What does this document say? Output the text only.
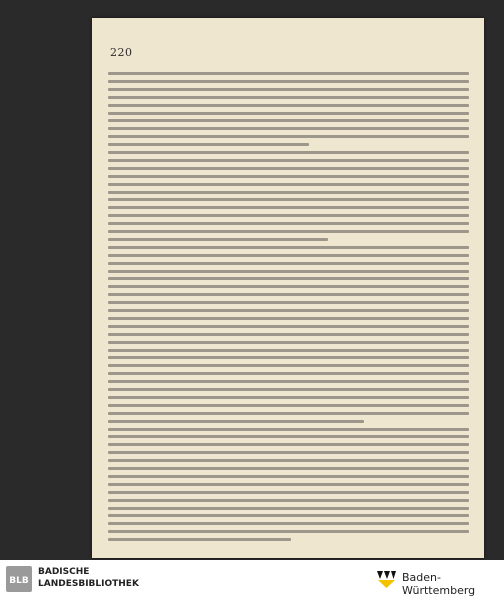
220
BLB
BADISCHE
LANDESBIBLIOTHEK	Baden-Württemberg
